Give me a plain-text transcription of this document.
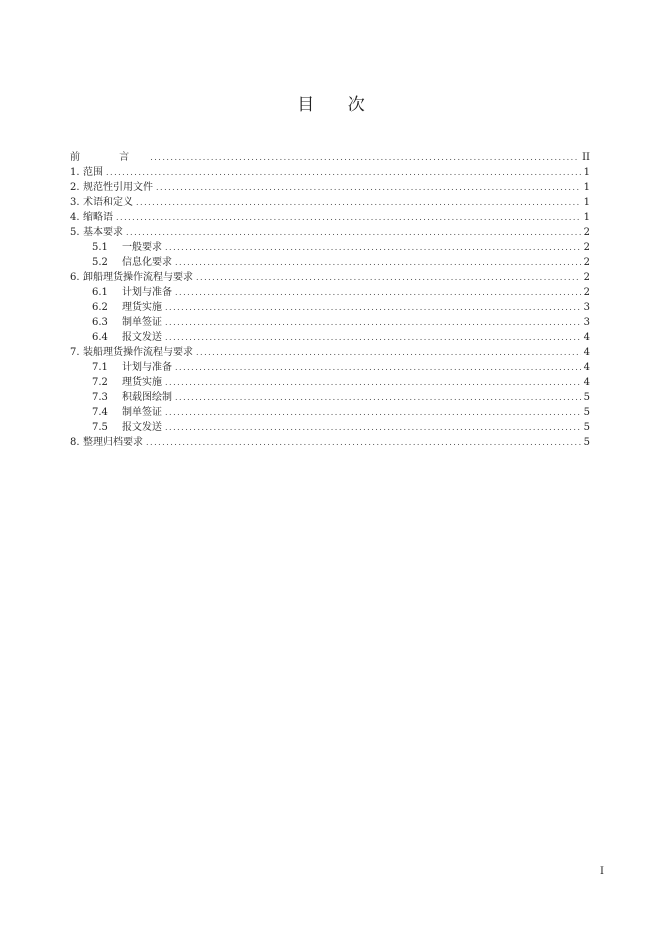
目 次
前 言 .....	II
1. 范围 .....	1
2. 规范性引用文件 .....	1
3. 术语和定义 .....	1
4. 缩略语 .....	1
5. 基本要求 .....	2
5.1	一般要求 .....	2
5.2	信息化要求 .....	2
6. 卸船理货操作流程与要求 .....	2
6.1	计划与准备 .....	2
6.2	理货实施 .....	3
6.3	制单签证 .....	3
6.4	报文发送 .....	4
7. 装船理货操作流程与要求 .....	4
7.1	计划与准备 .....	4
7.2	理货实施 .....	4
7.3	积载图绘制 .....	5
7.4	制单签证 .....	5
7.5	报文发送 .....	5
8. 整理归档要求 .....	5
I
